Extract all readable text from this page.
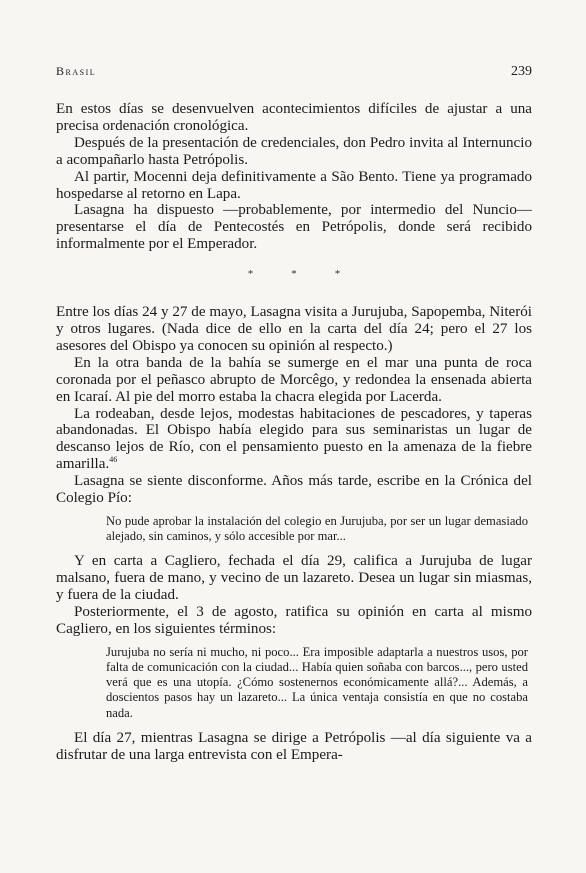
Brasil	239

En estos días se desenvuelven acontecimientos difíciles de ajustar a una precisa ordenación cronológica.

Después de la presentación de credenciales, don Pedro invita al Internuncio a acompañarlo hasta Petrópolis.

Al partir, Mocenni deja definitivamente a São Bento. Tiene ya programado hospedarse al retorno en Lapa.

Lasagna ha dispuesto —probablemente, por intermedio del Nuncio— presentarse el día de Pentecostés en Petrópolis, donde será recibido informalmente por el Emperador.

***

Entre los días 24 y 27 de mayo, Lasagna visita a Jurujuba, Sapopemba, Niterói y otros lugares. (Nada dice de ello en la carta del día 24; pero el 27 los asesores del Obispo ya conocen su opinión al respecto.)

En la otra banda de la bahía se sumerge en el mar una punta de roca coronada por el peñasco abrupto de Morcêgo, y redondea la ensenada abierta en Icaraí. Al pie del morro estaba la chacra elegida por Lacerda.

La rodeaban, desde lejos, modestas habitaciones de pescadores, y taperas abandonadas. El Obispo había elegido para sus seminaristas un lugar de descanso lejos de Río, con el pensamiento puesto en la amenaza de la fiebre amarilla.$^{46}$

Lasagna se siente disconforme. Años más tarde, escribe en la Crónica del Colegio Pío:

No pude aprobar la instalación del colegio en Jurujuba, por ser un lugar demasiado alejado, sin caminos, y sólo accesible por mar...

Y en carta a Cagliero, fechada el día 29, califica a Jurujuba de lugar malsano, fuera de mano, y vecino de un lazareto. Desea un lugar sin miasmas, y fuera de la ciudad.

Posteriormente, el 3 de agosto, ratifica su opinión en carta al mismo Cagliero, en los siguientes términos:

Jurujuba no sería ni mucho, ni poco... Era imposible adaptarla a nuestros usos, por falta de comunicación con la ciudad... Había quien soñaba con barcos..., pero usted verá que es una utopía. ¿Cómo sostenernos económicamente allá?... Además, a doscientos pasos hay un lazareto... La única ventaja consistía en que no costaba nada.

El día 27, mientras Lasagna se dirige a Petrópolis —al día siguiente va a disfrutar de una larga entrevista con el Empera-
